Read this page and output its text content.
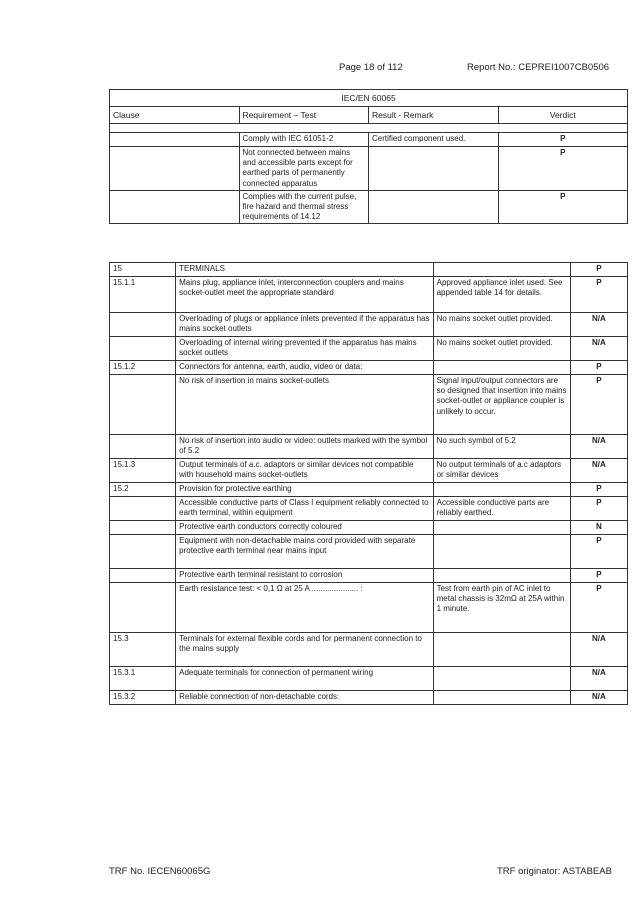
Page 18 of 112	Report No.: CEPREI1007CB0506
IEC/EN 60065			
Clause	Requirement – Test	Result - Remark	Verdict

	Comply with IEC 61051-2	Certified component used.	P
	Not connected between mains and accessible parts except for earthed parts of permanently connected apparatus		P
	Complies with the current pulse, fire hazard and thermal stress requirements of 14.12		P
15	TERMINALS		P
15.1.1	Mains plug, appliance inlet, interconnection couplers and mains socket-outlet meet the appropriate standard	Approved appliance inlet used. See appended table 14 for details.	P
	Overloading of plugs or appliance inlets prevented if the apparatus has mains socket outlets	No mains socket outlet provided.	N/A
	Overloading of internal wiring prevented if the apparatus has mains socket outlets	No mains socket outlet provided.	N/A
15.1.2	Connectors for antenna, earth, audio, video or data:		P
	No risk of insertion in mains socket-outlets	Signal input/output connectors are so designed that insertion into mains socket-outlet or appliance coupler is unlikely to occur.	P
	No risk of insertion into audio or video: outlets marked with the symbol of 5.2	No such symbol of 5.2	N/A
15.1.3	Output terminals of a.c. adaptors or similar devices not compatible with household mains socket-outlets	No output terminals of a.c adaptors or similar devices	N/A
15.2	Provision for protective earthing		P
	Accessible conductive parts of Class I equipment reliably connected to earth terminal, within equipment	Accessible conductive parts are reliably earthed.	P
	Protective earth conductors correctly coloured		N
	Equipment with non-detachable mains cord provided with separate protective earth terminal near mains input		P
	Protective earth terminal resistant to corrosion		P
	Earth resistance test: < 0,1 Ω at 25 A ..................... :	Test from earth pin of AC inlet to metal chassis is 32mΩ at 25A within 1 minute.	P
15.3	Terminals for external flexible cords and for permanent connection to the mains supply		N/A
15.3.1	Adequate terminals for connection of permanent wiring		N/A
15.3.2	Reliable connection of non-detachable cords:		N/A
TRF No. IECEN60065G	TRF originator: ASTABEAB
